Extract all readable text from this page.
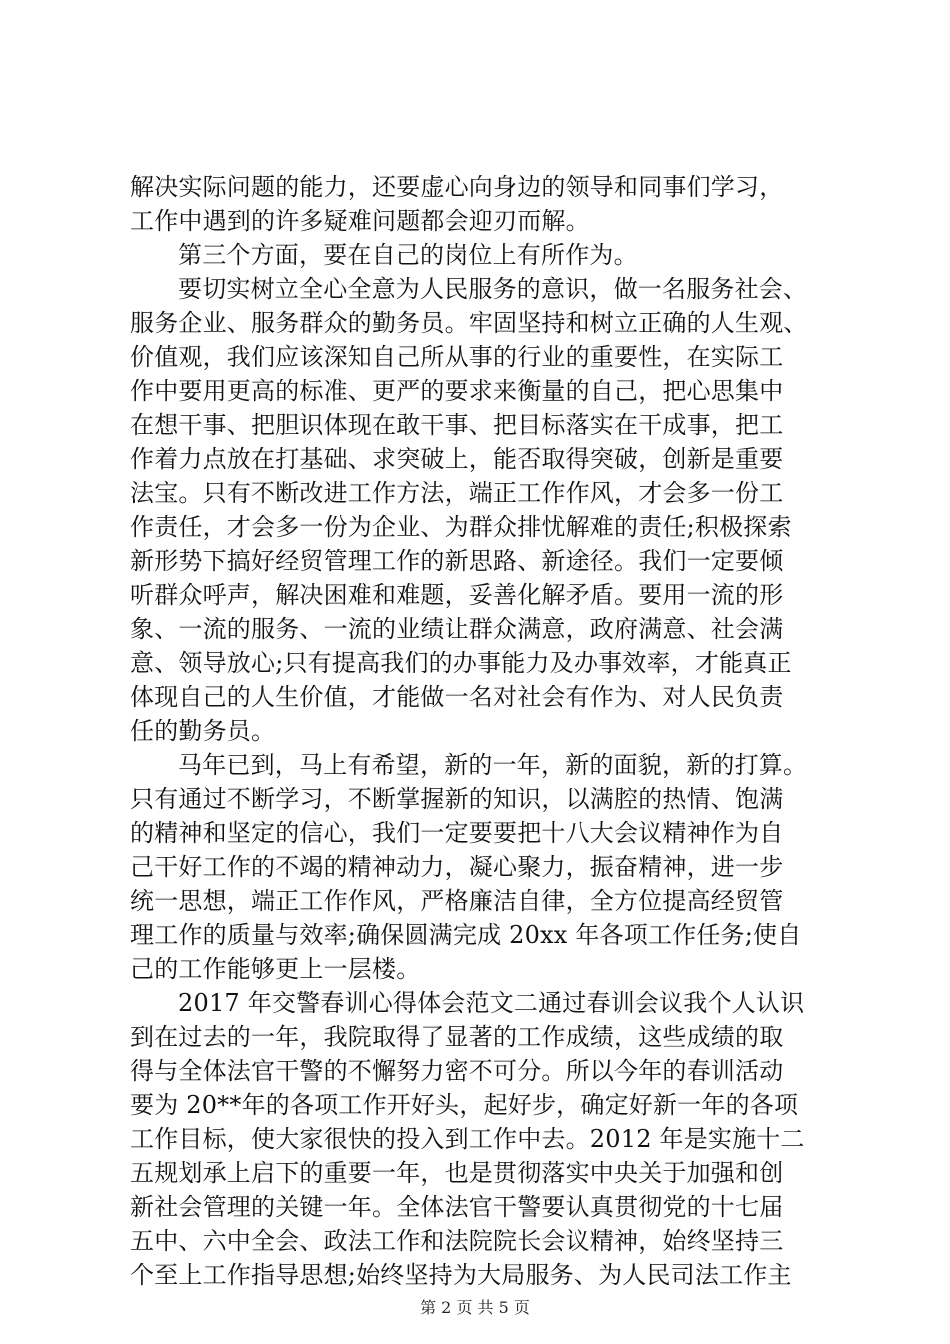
解决实际问题的能力，还要虚心向身边的领导和同事们学习，
工作中遇到的许多疑难问题都会迎刃而解。
第三个方面，要在自己的岗位上有所作为。
要切实树立全心全意为人民服务的意识，做一名服务社会、
服务企业、服务群众的勤务员。牢固坚持和树立正确的人生观、
价值观，我们应该深知自己所从事的行业的重要性，在实际工
作中要用更高的标准、更严的要求来衡量的自己，把心思集中
在想干事、把胆识体现在敢干事、把目标落实在干成事，把工
作着力点放在打基础、求突破上，能否取得突破，创新是重要
法宝。只有不断改进工作方法，端正工作作风，才会多一份工
作责任，才会多一份为企业、为群众排忧解难的责任;积极探索
新形势下搞好经贸管理工作的新思路、新途径。我们一定要倾
听群众呼声，解决困难和难题，妥善化解矛盾。要用一流的形
象、一流的服务、一流的业绩让群众满意，政府满意、社会满
意、领导放心;只有提高我们的办事能力及办事效率，才能真正
体现自己的人生价值，才能做一名对社会有作为、对人民负责
任的勤务员。
马年已到，马上有希望，新的一年，新的面貌，新的打算。
只有通过不断学习，不断掌握新的知识，以满腔的热情、饱满
的精神和坚定的信心，我们一定要要把十八大会议精神作为自
己干好工作的不竭的精神动力，凝心聚力，振奋精神，进一步
统一思想，端正工作作风，严格廉洁自律，全方位提高经贸管
理工作的质量与效率;确保圆满完成 20xx 年各项工作任务;使自
己的工作能够更上一层楼。
2017 年交警春训心得体会范文二通过春训会议我个人认识
到在过去的一年，我院取得了显著的工作成绩，这些成绩的取
得与全体法官干警的不懈努力密不可分。所以今年的春训活动
要为 20**年的各项工作开好头，起好步，确定好新一年的各项
工作目标，使大家很快的投入到工作中去。2012 年是实施十二
五规划承上启下的重要一年，也是贯彻落实中央关于加强和创
新社会管理的关键一年。全体法官干警要认真贯彻党的十七届
五中、六中全会、政法工作和法院院长会议精神，始终坚持三
个至上工作指导思想;始终坚持为大局服务、为人民司法工作主
第 2 页 共 5 页
